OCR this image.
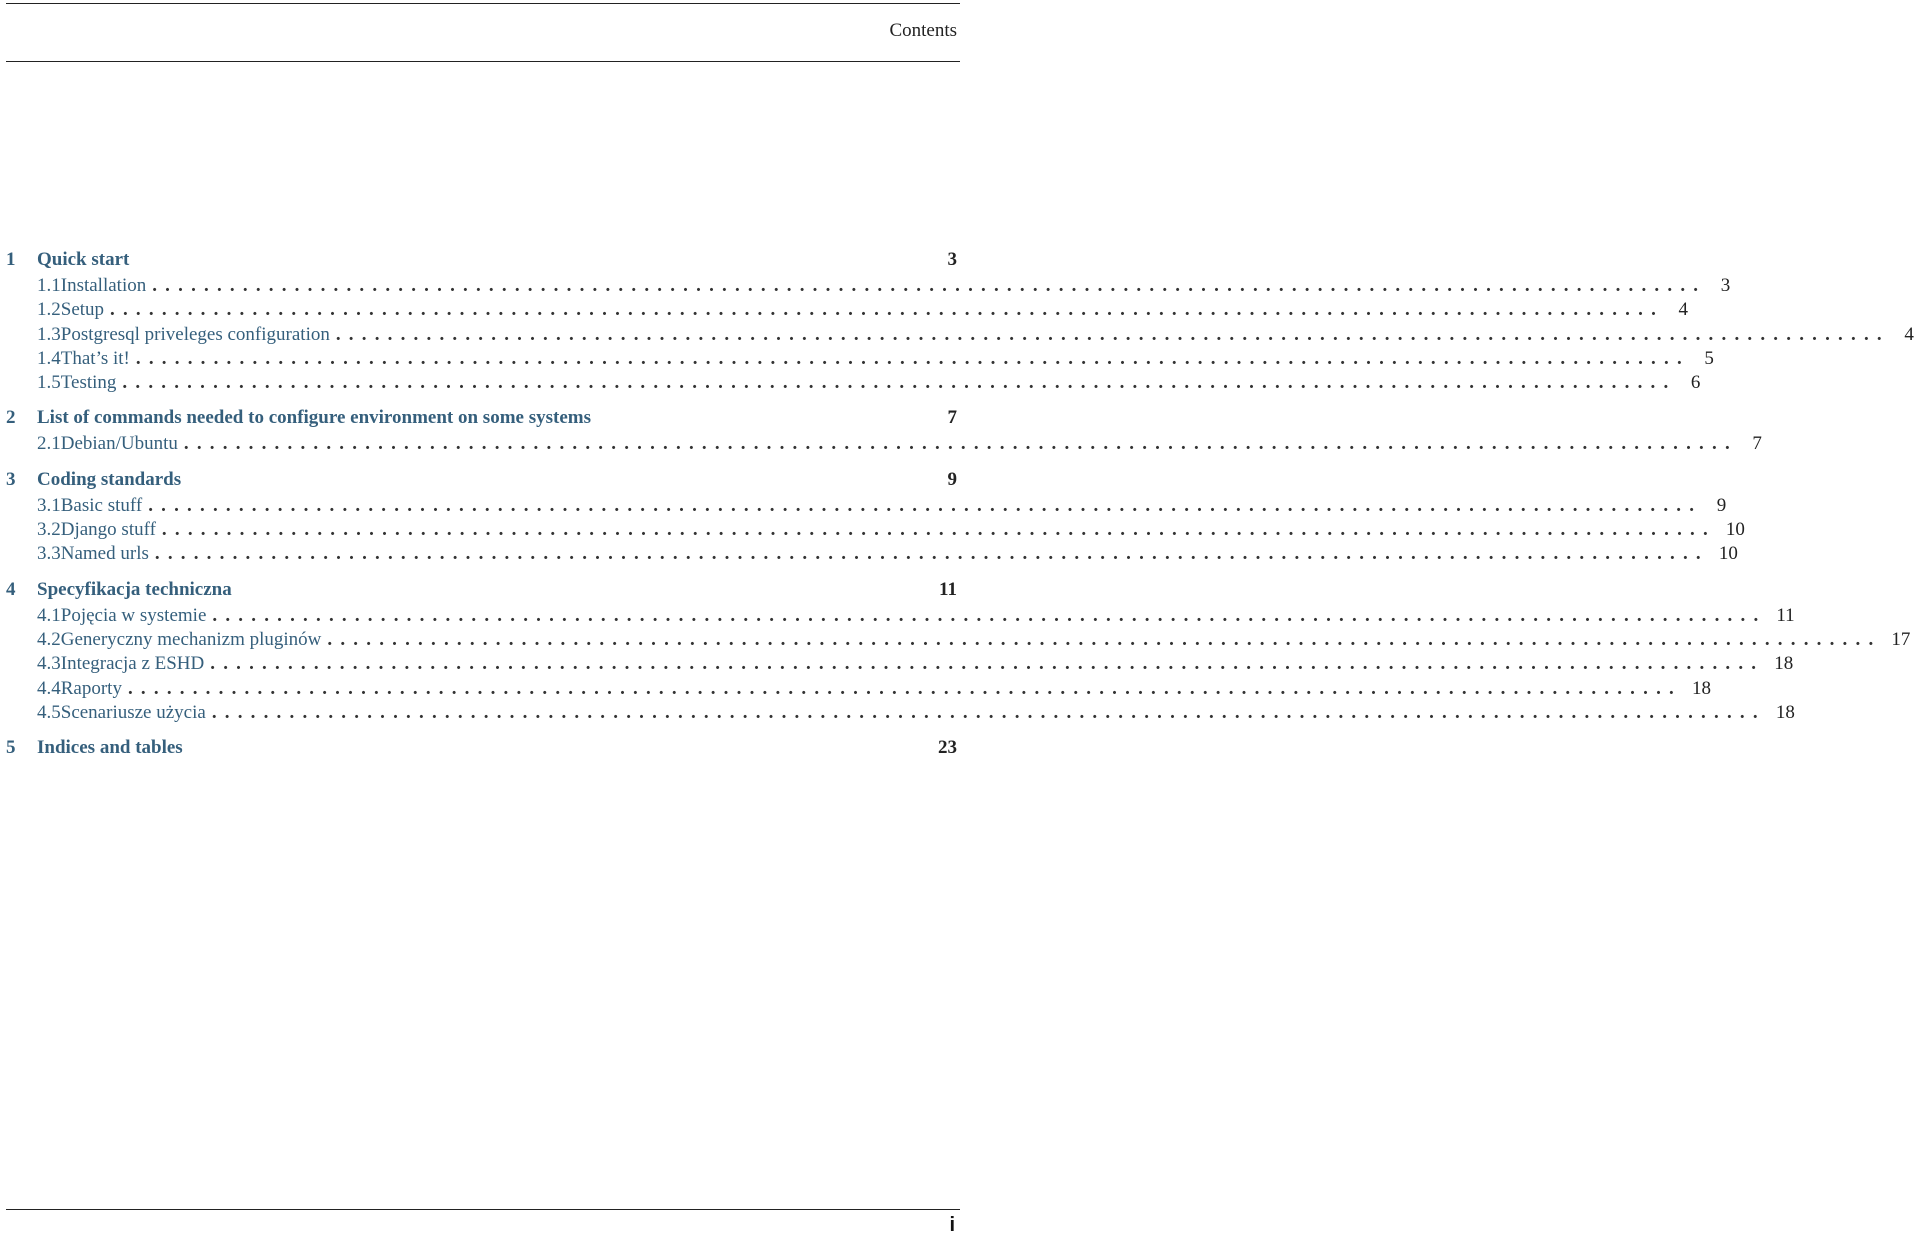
Contents
1	Quick start	3
1.1 Installation ........................................................................................................................ 3
1.2 Setup ........................................................................................................................ 4
1.3 Postgresql priveleges configuration ........................................................................................................................ 4
1.4 That’s it! ........................................................................................................................ 5
1.5 Testing ........................................................................................................................ 6
2	List of commands needed to configure environment on some systems	7
2.1 Debian/Ubuntu ........................................................................................................................ 7
3	Coding standards	9
3.1 Basic stuff ........................................................................................................................ 9
3.2 Django stuff ........................................................................................................................ 10
3.3 Named urls ........................................................................................................................ 10
4	Specyfikacja techniczna	11
4.1 Pojęcia w systemie ........................................................................................................................ 11
4.2 Generyczny mechanizm pluginów ........................................................................................................................ 17
4.3 Integracja z ESHD ........................................................................................................................ 18
4.4 Raporty ........................................................................................................................ 18
4.5 Scenariusze użycia ........................................................................................................................ 18
5	Indices and tables	23
i
